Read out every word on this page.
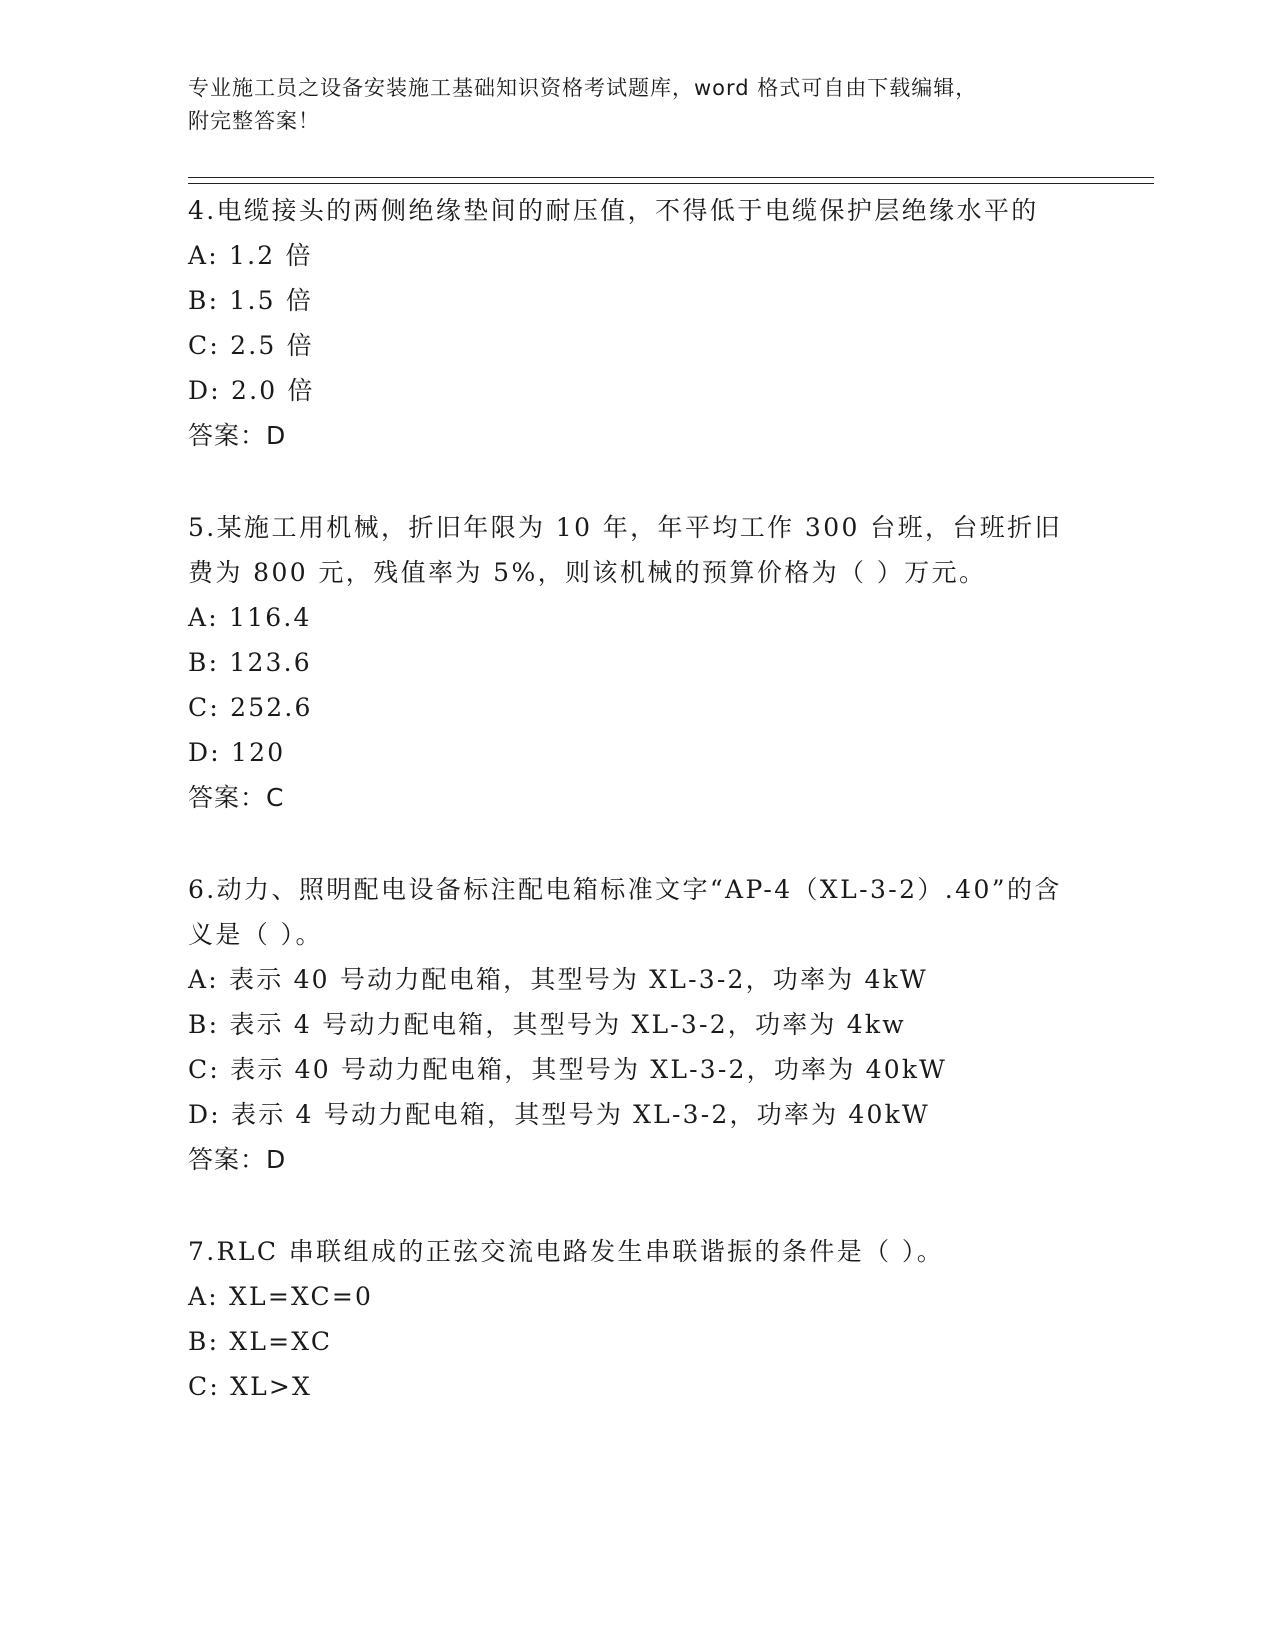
专业施工员之设备安装施工基础知识资格考试题库，word 格式可自由下载编辑，
附完整答案！
4.电缆接头的两侧绝缘垫间的耐压值，不得低于电缆保护层绝缘水平的
A: 1.2 倍
B: 1.5 倍
C: 2.5 倍
D: 2.0 倍
答案：D
5.某施工用机械，折旧年限为 10 年，年平均工作 300 台班，台班折旧费为 800 元，残值率为 5%，则该机械的预算价格为（ ）万元。
A: 116.4
B: 123.6
C: 252.6
D: 120
答案：C
6.动力、照明配电设备标注配电箱标准文字“AP-4（XL-3-2）.40”的含义是（ ）。
A: 表示 40 号动力配电箱，其型号为 XL-3-2，功率为 4kW
B: 表示 4 号动力配电箱，其型号为 XL-3-2，功率为 4kw
C: 表示 40 号动力配电箱，其型号为 XL-3-2，功率为 40kW
D: 表示 4 号动力配电箱，其型号为 XL-3-2，功率为 40kW
答案：D
7.RLC 串联组成的正弦交流电路发生串联谐振的条件是（ ）。
A: XL=XC=0
B: XL=XC
C: XL>X
